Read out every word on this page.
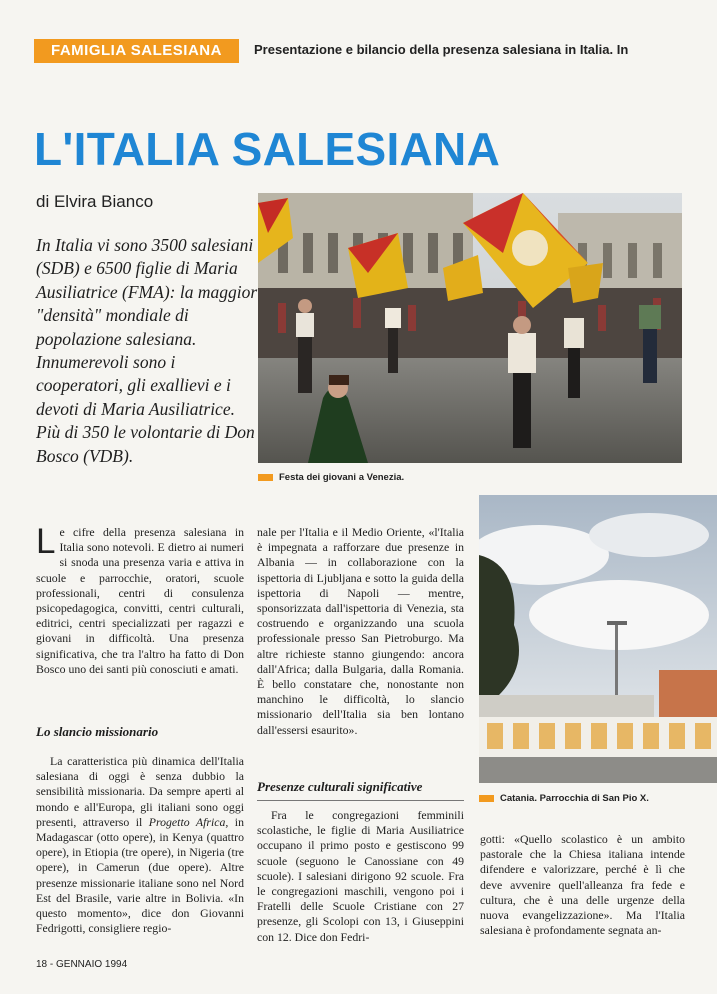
FAMIGLIA SALESIANA	Presentazione e bilancio della presenza salesiana in Italia. In
L'ITALIA SALESIANA
di Elvira Bianco

In Italia vi sono 3500 salesiani (SDB) e 6500 figlie di Maria Ausiliatrice (FMA): la maggior "densità" mondiale di popolazione salesiana.

Innumerevoli sono i cooperatori, gli exallievi e i devoti di Maria Ausiliatrice.

Più di 350 le volontarie di Don Bosco (VDB).

Festa dei giovani a Venezia.

Le cifre della presenza salesiana in Italia sono notevoli. E dietro ai numeri si snoda una presenza varia e attiva in scuole e parrocchie, oratori, scuole professionali, centri di consulenza psicopedagogica, convitti, centri culturali, editrici, centri specializzati per ragazzi e giovani in difficoltà. Una presenza significativa, che tra l'altro ha fatto di Don Bosco uno dei santi più conosciuti e amati.

Lo slancio missionario

La caratteristica più dinamica dell'Italia salesiana di oggi è senza dubbio la sensibilità missionaria. Da sempre aperti al mondo e all'Europa, gli italiani sono oggi presenti, attraverso il Progetto Africa, in Madagascar (otto opere), in Kenya (quattro opere), in Etiopia (tre opere), in Nigeria (tre opere), in Camerun (due opere). Altre presenze missionarie italiane sono nel Nord Est del Brasile, varie altre in Bolivia. «In questo momento», dice don Giovanni Fedrigotti, consigliere regio-

nale per l'Italia e il Medio Oriente, «l'Italia è impegnata a rafforzare due presenze in Albania — in collaborazione con la ispettoria di Ljubljana e sotto la guida della ispettoria di Napoli — mentre, sponsorizzata dall'ispettoria di Venezia, sta costruendo e organizzando una scuola professionale presso San Pietroburgo. Ma altre richieste stanno giungendo: ancora dall'Africa; dalla Bulgaria, dalla Romania. È bello constatare che, nonostante non manchino le difficoltà, lo slancio missionario dell'Italia sia ben lontano dall'essersi esaurito».

Presenze culturali significative

Fra le congregazioni femminili scolastiche, le figlie di Maria Ausiliatrice occupano il primo posto e gestiscono 99 scuole (seguono le Canossiane con 49 scuole). I salesiani dirigono 92 scuole. Fra le congregazioni maschili, vengono poi i Fratelli delle Scuole Cristiane con 27 presenze, gli Scolopi con 13, i Giuseppini con 12. Dice don Fedri-

Catania. Parrocchia di San Pio X.

gotti: «Quello scolastico è un ambito pastorale che la Chiesa italiana intende difendere e valorizzare, perché è lì che deve avvenire quell'alleanza fra fede e cultura, che è una delle urgenze della nuova evangelizzazione». Ma l'Italia salesiana è profondamente segnata an-

18 - GENNAIO 1994
